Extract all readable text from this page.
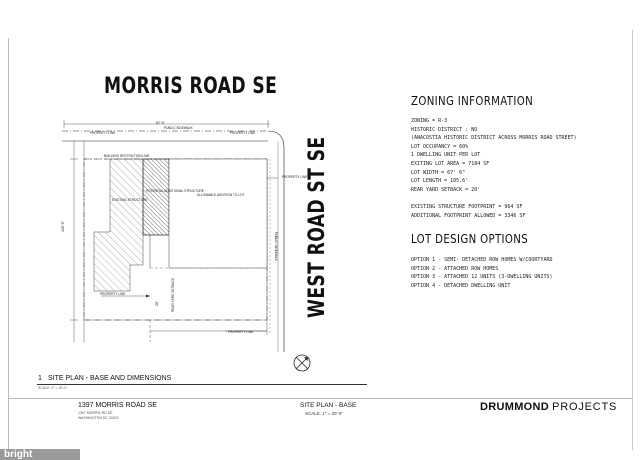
MORRIS ROAD SE
WEST ROAD ST SE
PROPERTY LINE
PUBLIC SIDEWALK
PROPERTY LINE
BUILDING RESTRICTION LINE
PROPERTY LINE
PROPERTY LINE
PROPERTY LINE
ALLOWABLE ADDITION TO LOT
EXISTING STRUCTURE
POTENTIAL ADDITIONAL STRUCTURE
67' 6"
105' 6"
20'
PUBLIC SIDEWALK
REAR YARD SETBACK
ZONING INFORMATION
ZONING = R-3
HISTORIC DISTRICT : NO
(ANACOSTIA HISTORIC DISTRICT ACROSS MORRIS ROAD STREET)
LOT OCCUPANCY = 60%
1 DWELLING UNIT PER LOT
EXITING LOT AREA = 7184 SF
LOT WIDTH = 67' 6"
LOT LENGTH = 105.6'
REAR YARD SETBACK = 20'
EXISTING STRUCTURE FOOTPRINT = 964 SF
ADDITIONAL FOOTPRINT ALLOWED = 3346 SF
LOT DESIGN OPTIONS
OPTION 1 - SEMI- DETACHED ROW HOMES W/COURTYARD
OPTION 2 - ATTACHED ROW HOMES
OPTION 3 - ATTACHED 12 UNITS (3-DWELLING UNITS)
OPTION 4 - DETACHED DWELLING UNIT
1 SITE PLAN - BASE AND DIMENSIONS
SCALE: 1" = 20'-0"
1397 MORRIS ROAD SE
1397 MORRIS RD SE
WASHINGTON DC 20020
SITE PLAN - BASE
SCALE: 1" = 20'-0"
DRUMMOND PROJECTS
bright
